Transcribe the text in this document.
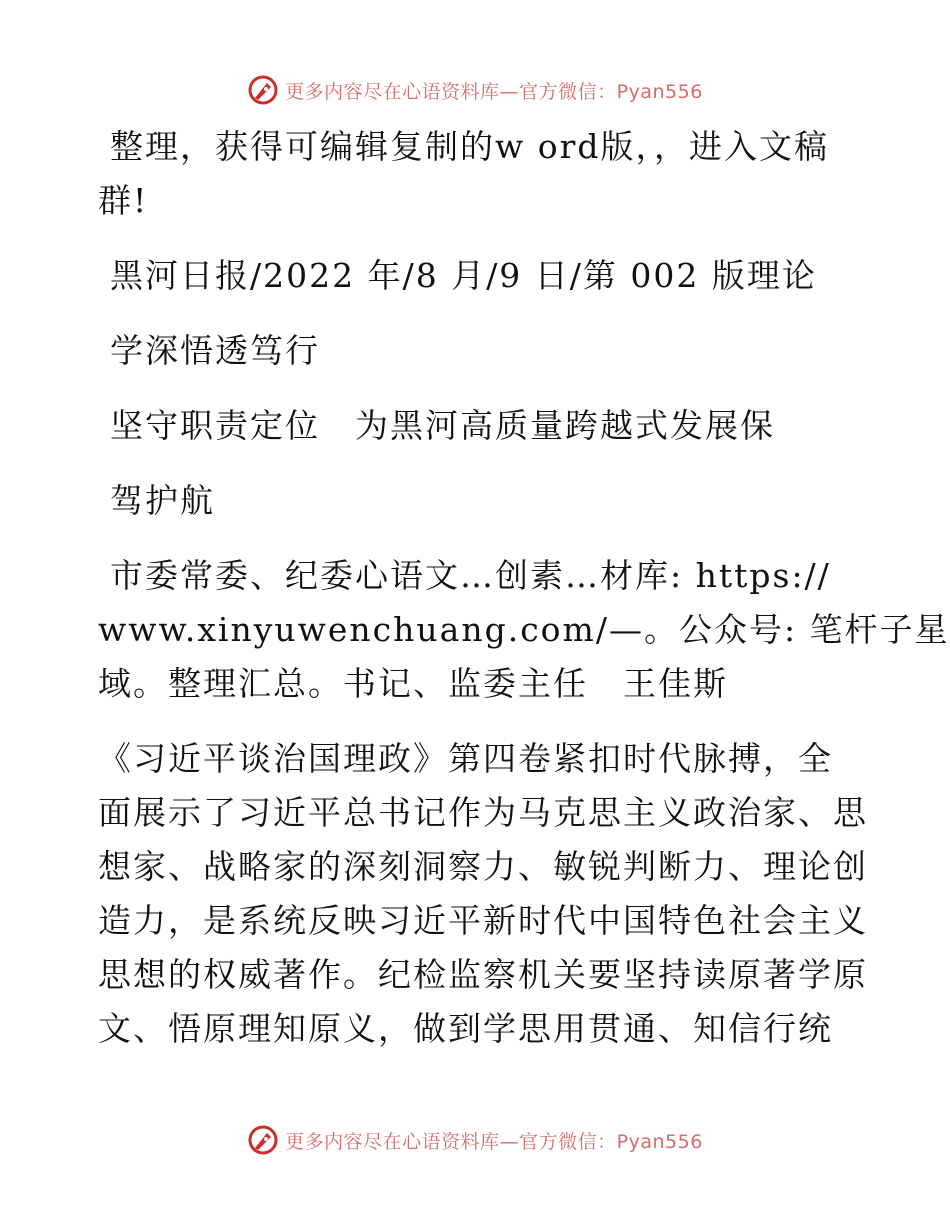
更多内容尽在心语资料库—官方微信：Pyan556
整理，获得可编辑复制的w ord版，，进入文稿
群!
黑河日报/2022 年/8 月/9 日/第 002 版理论
学深悟透笃行
坚守职责定位　为黑河高质量跨越式发展保
驾护航
市委常委、纪委心语文…创素…材库: https://
www.xinyuwenchuang.com/—。公众号: 笔杆子星
域。整理汇总。书记、监委主任　王佳斯
《习近平谈治国理政》第四卷紧扣时代脉搏，全
面展示了习近平总书记作为马克思主义政治家、思
想家、战略家的深刻洞察力、敏锐判断力、理论创
造力，是系统反映习近平新时代中国特色社会主义
思想的权威著作。纪检监察机关要坚持读原著学原
文、悟原理知原义，做到学思用贯通、知信行统
更多内容尽在心语资料库—官方微信：Pyan556
